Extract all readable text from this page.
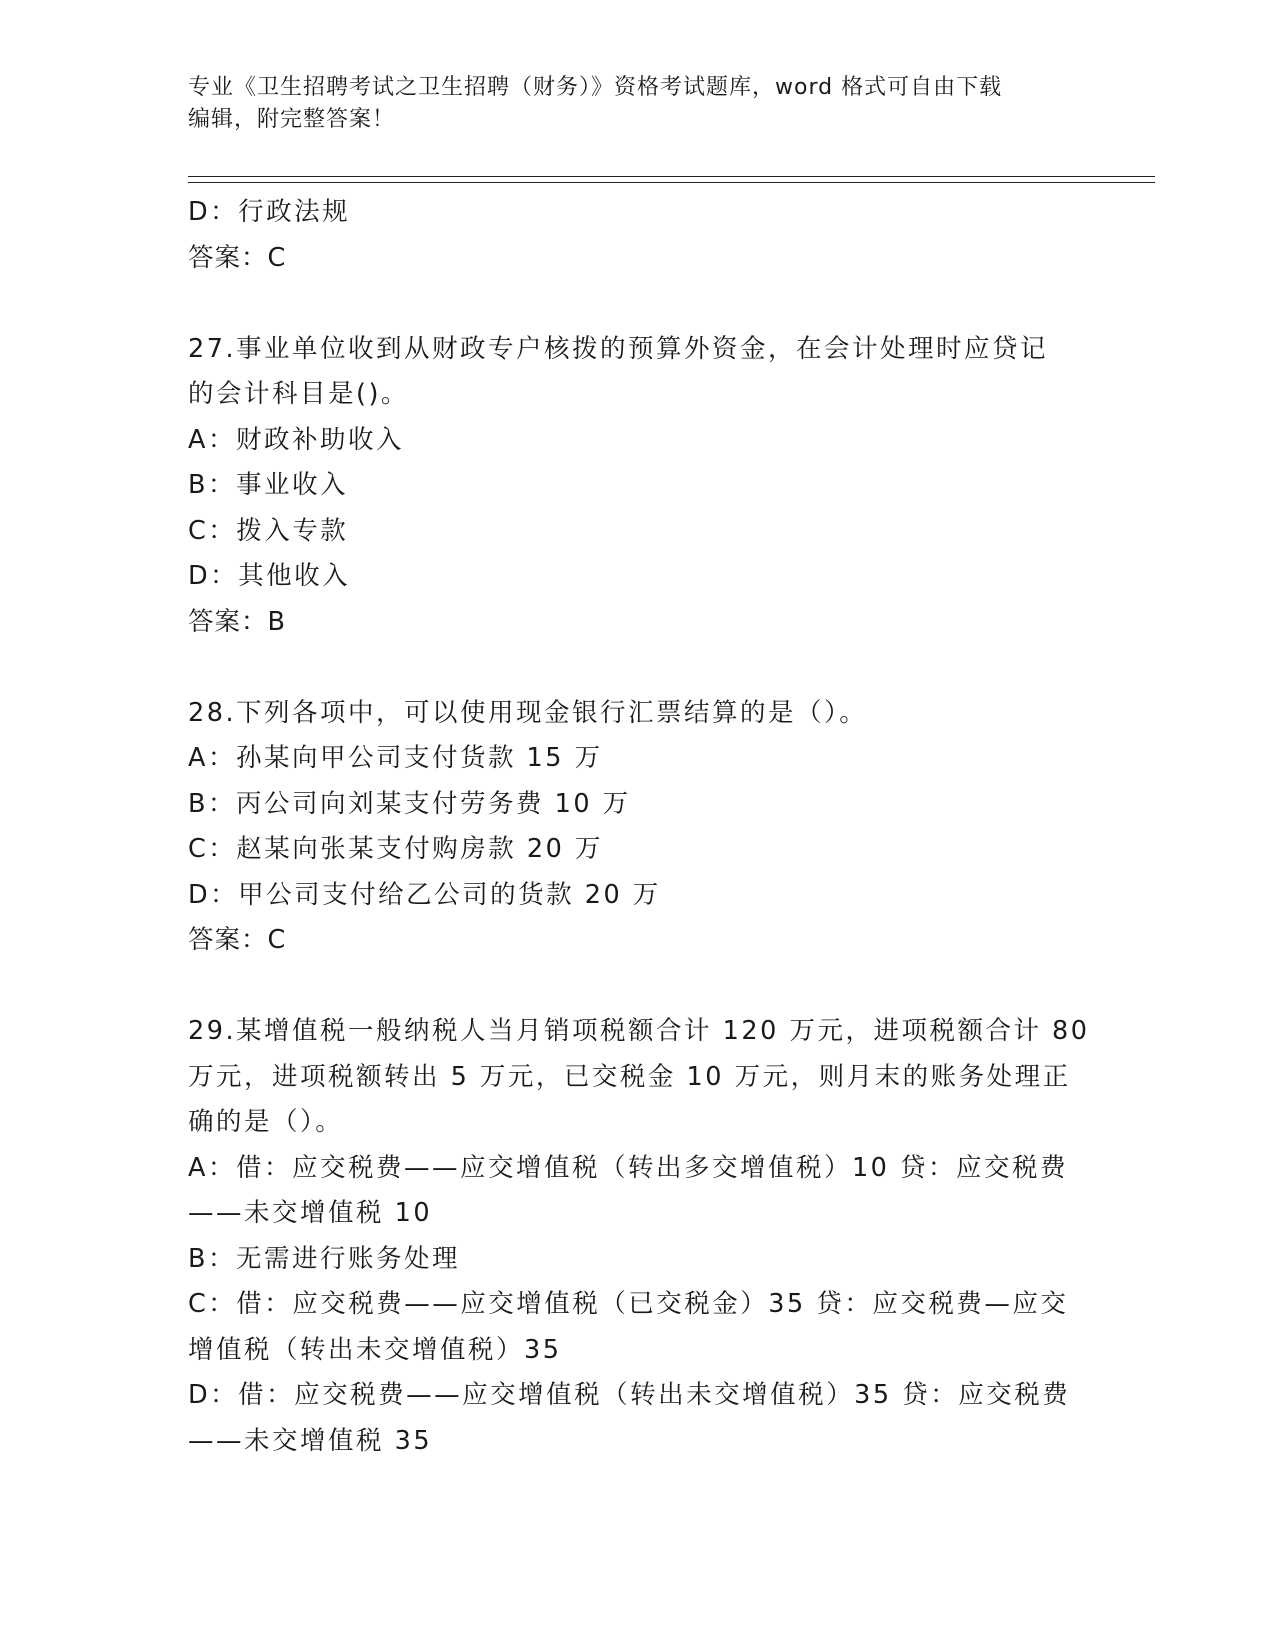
专业《卫生招聘考试之卫生招聘（财务）》资格考试题库，word 格式可自由下载

编辑，附完整答案！

D：行政法规
答案：C
27.事业单位收到从财政专户核拨的预算外资金，在会计处理时应贷记
的会计科目是()。
A：财政补助收入
B：事业收入
C：拨入专款
D：其他收入
答案：B
28.下列各项中，可以使用现金银行汇票结算的是（）。
A：孙某向甲公司支付货款 15 万
B：丙公司向刘某支付劳务费 10 万
C：赵某向张某支付购房款 20 万
D：甲公司支付给乙公司的货款 20 万
答案：C
29.某增值税一般纳税人当月销项税额合计 120 万元，进项税额合计 80
万元，进项税额转出 5 万元，已交税金 10 万元，则月末的账务处理正
确的是（）。
A：借：应交税费——应交增值税（转出多交增值税）10 贷：应交税费
——未交增值税 10
B：无需进行账务处理
C：借：应交税费——应交增值税（已交税金）35 贷：应交税费—应交
增值税（转出未交增值税）35
D：借：应交税费——应交增值税（转出未交增值税）35 贷：应交税费
——未交增值税 35
